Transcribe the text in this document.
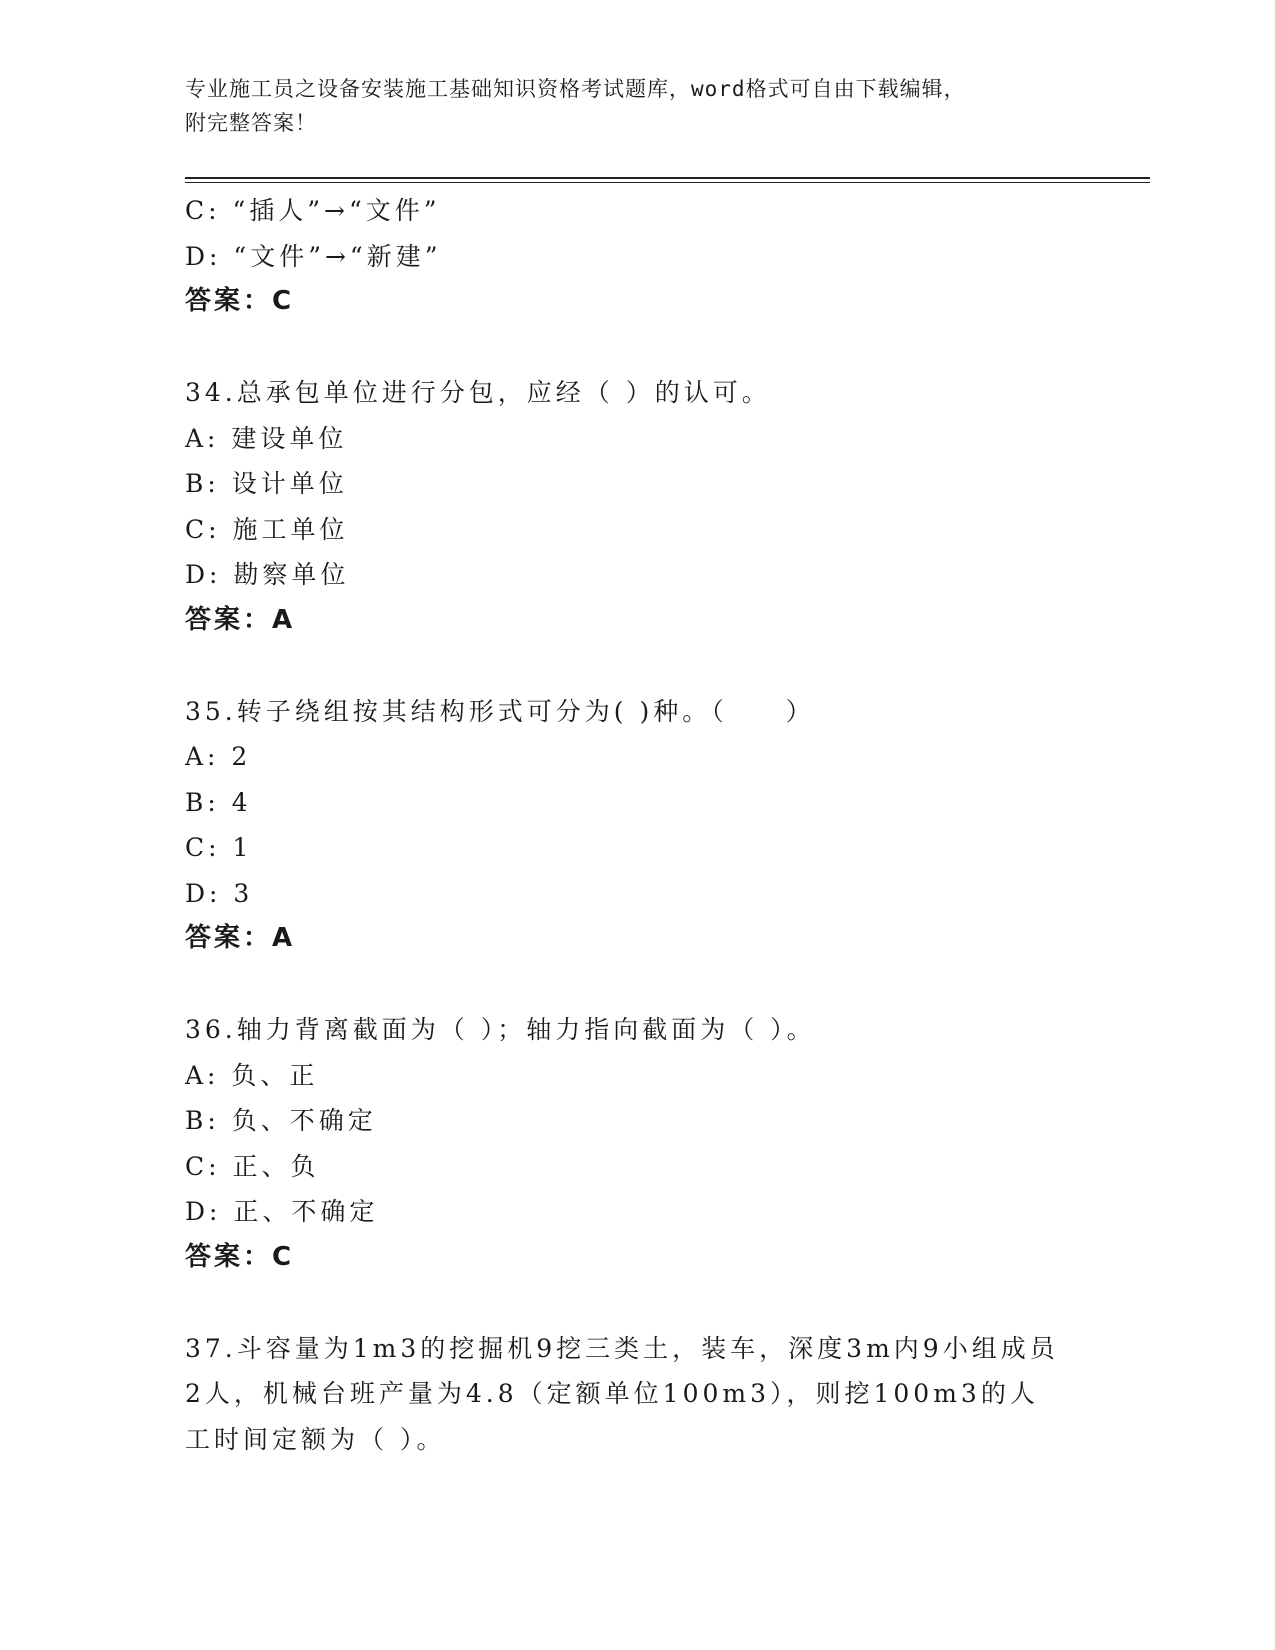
专业施工员之设备安装施工基础知识资格考试题库，word格式可自由下载编辑，
附完整答案！
C: “插人”→“文件”
D: “文件”→“新建”
答案：C
34.总承包单位进行分包，应经（ ）的认可。
A: 建设单位
B: 设计单位
C: 施工单位
D: 勘察单位
答案：A
35.转子绕组按其结构形式可分为( )种。（　　）
A: 2
B: 4
C: 1
D: 3
答案：A
36.轴力背离截面为（ ）；轴力指向截面为（ ）。
A: 负、正
B: 负、不确定
C: 正、负
D: 正、不确定
答案：C
37.斗容量为1m3的挖掘机9挖三类土，装车，深度3m内9小组成员2人，机械台班产量为4.8（定额单位100m3），则挖100m3的人工时间定额为（ ）。
